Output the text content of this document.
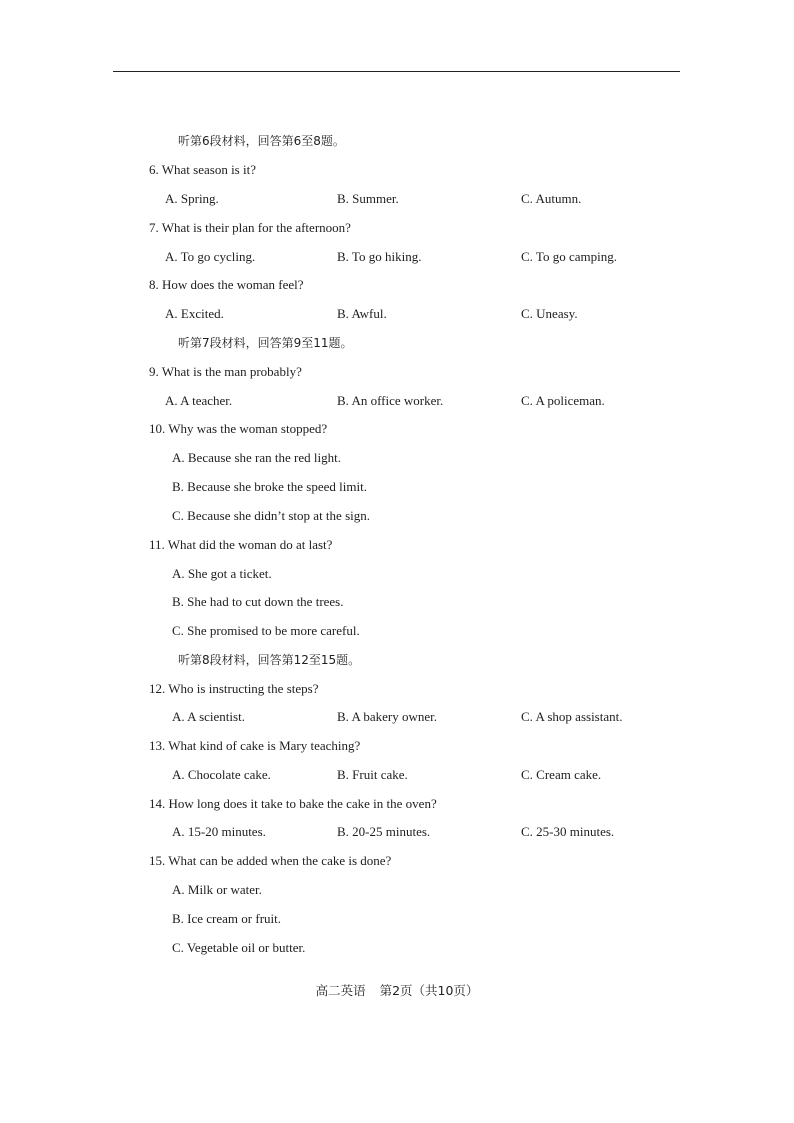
听第6段材料，回答第6至8题。
6. What season is it?
A. Spring.	B. Summer.	C. Autumn.
7. What is their plan for the afternoon?
A. To go cycling.	B. To go hiking.	C. To go camping.
8. How does the woman feel?
A. Excited.	B. Awful.	C. Uneasy.
听第7段材料，回答第9至11题。
9. What is the man probably?
A. A teacher.	B. An office worker.	C. A policeman.
10. Why was the woman stopped?
A. Because she ran the red light.
B. Because she broke the speed limit.
C. Because she didn’t stop at the sign.
11. What did the woman do at last?
A. She got a ticket.
B. She had to cut down the trees.
C. She promised to be more careful.
听第8段材料，回答第12至15题。
12. Who is instructing the steps?
A. A scientist.	B. A bakery owner.	C. A shop assistant.
13. What kind of cake is Mary teaching?
A. Chocolate cake.	B. Fruit cake.	C. Cream cake.
14. How long does it take to bake the cake in the oven?
A. 15-20 minutes.	B. 20-25 minutes.	C. 25-30 minutes.
15. What can be added when the cake is done?
A. Milk or water.
B. Ice cream or fruit.
C. Vegetable oil or butter.
高二英语 第2页（共10页）
